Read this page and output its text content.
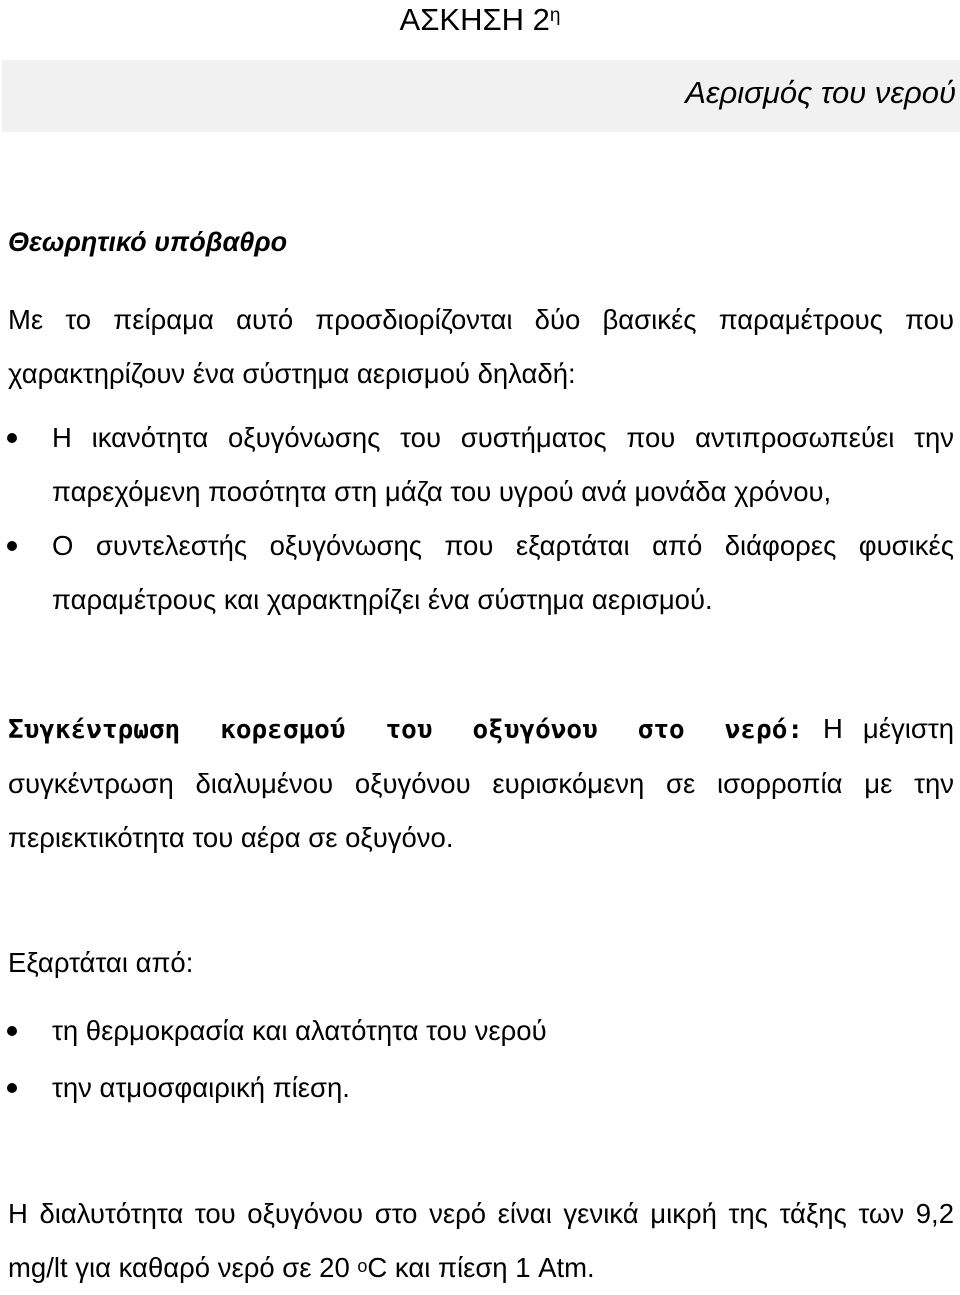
ΑΣΚΗΣΗ $2^\eta$
Αερισμός του νερού
Θεωρητικό υπόβαθρο
Με το πείραμα αυτό προσδιορίζονται δύο βασικές παραμέτρους που χαρακτηρίζουν ένα σύστημα αερισμού δηλαδή:
Η ικανότητα οξυγόνωσης του συστήματος που αντιπροσωπεύει την παρεχόμενη ποσότητα στη μάζα του υγρού ανά μονάδα χρόνου,
Ο συντελεστής οξυγόνωσης που εξαρτάται από διάφορες φυσικές παραμέτρους και χαρακτηρίζει ένα σύστημα αερισμού.
Συγκέντρωση κορεσμού του οξυγόνου στο νερό: Η μέγιστη συγκέντρωση διαλυμένου οξυγόνου ευρισκόμενη σε ισορροπία με την περιεκτικότητα του αέρα σε οξυγόνο.
Εξαρτάται από:
τη θερμοκρασία και αλατότητα του νερού
την ατμοσφαιρική πίεση.
Η διαλυτότητα του οξυγόνου στο νερό είναι γενικά μικρή της τάξης των 9,2 mg/lt για καθαρό νερό σε 20 $^o$C και πίεση 1 Atm.
